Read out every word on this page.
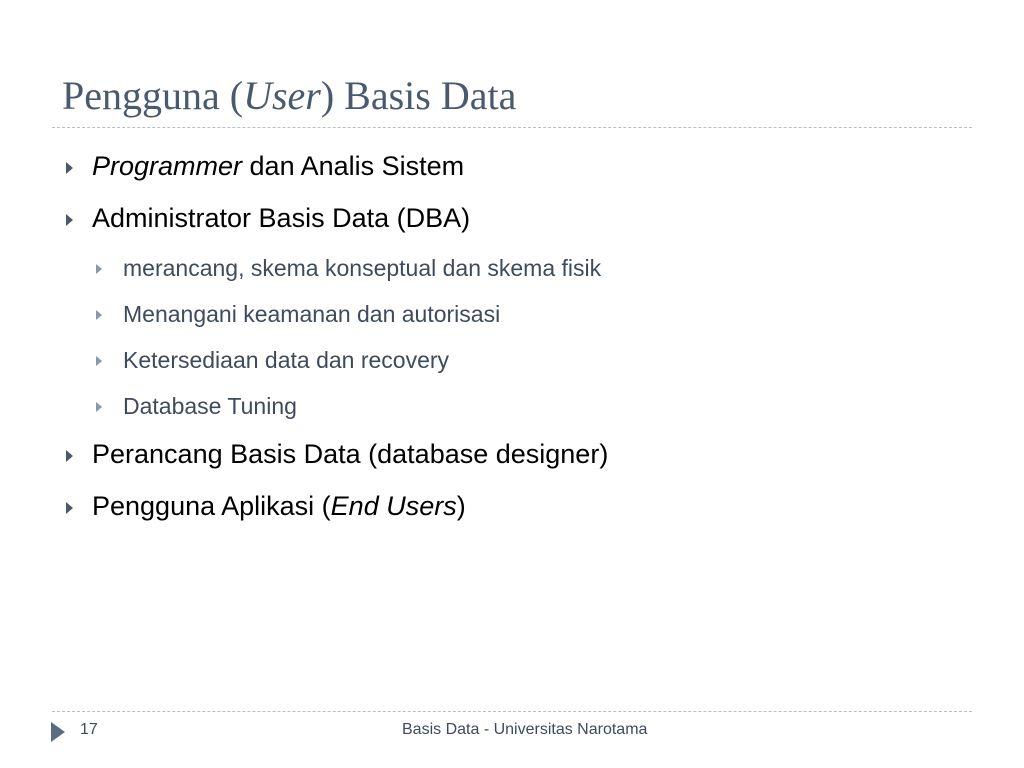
Pengguna (User) Basis Data
Programmer dan Analis Sistem
Administrator Basis Data (DBA)
merancang, skema konseptual dan skema fisik
Menangani keamanan dan autorisasi
Ketersediaan data dan recovery
Database Tuning
Perancang Basis Data (database designer)
Pengguna Aplikasi (End Users)
17	Basis Data - Universitas Narotama
